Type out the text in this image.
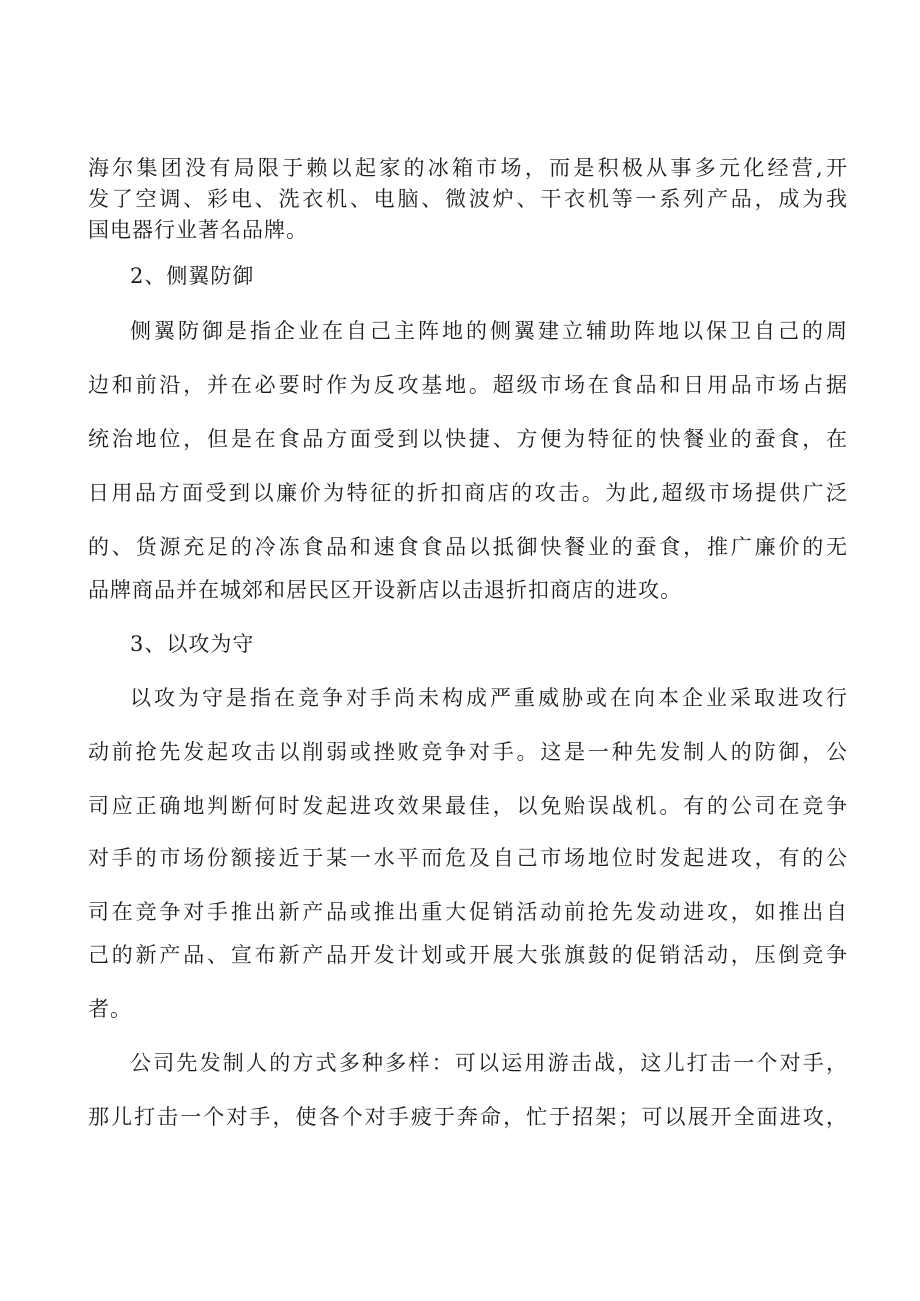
海尔集团没有局限于赖以起家的冰箱市场，而是积极从事多元化经营,开
发了空调、彩电、洗衣机、电脑、微波炉、干衣机等一系列产品，成为我
国电器行业著名品牌。
2、侧翼防御
侧翼防御是指企业在自己主阵地的侧翼建立辅助阵地以保卫自己的周
边和前沿，并在必要时作为反攻基地。超级市场在食品和日用品市场占据
统治地位，但是在食品方面受到以快捷、方便为特征的快餐业的蚕食，在
日用品方面受到以廉价为特征的折扣商店的攻击。为此,超级市场提供广泛
的、货源充足的冷冻食品和速食食品以抵御快餐业的蚕食，推广廉价的无
品牌商品并在城郊和居民区开设新店以击退折扣商店的进攻。
3、以攻为守
以攻为守是指在竞争对手尚未构成严重威胁或在向本企业采取进攻行
动前抢先发起攻击以削弱或挫败竞争对手。这是一种先发制人的防御，公
司应正确地判断何时发起进攻效果最佳，以免贻误战机。有的公司在竞争
对手的市场份额接近于某一水平而危及自己市场地位时发起进攻，有的公
司在竞争对手推出新产品或推出重大促销活动前抢先发动进攻，如推出自
己的新产品、宣布新产品开发计划或开展大张旗鼓的促销活动，压倒竞争
者。
公司先发制人的方式多种多样：可以运用游击战，这儿打击一个对手，
那儿打击一个对手，使各个对手疲于奔命，忙于招架；可以展开全面进攻，
